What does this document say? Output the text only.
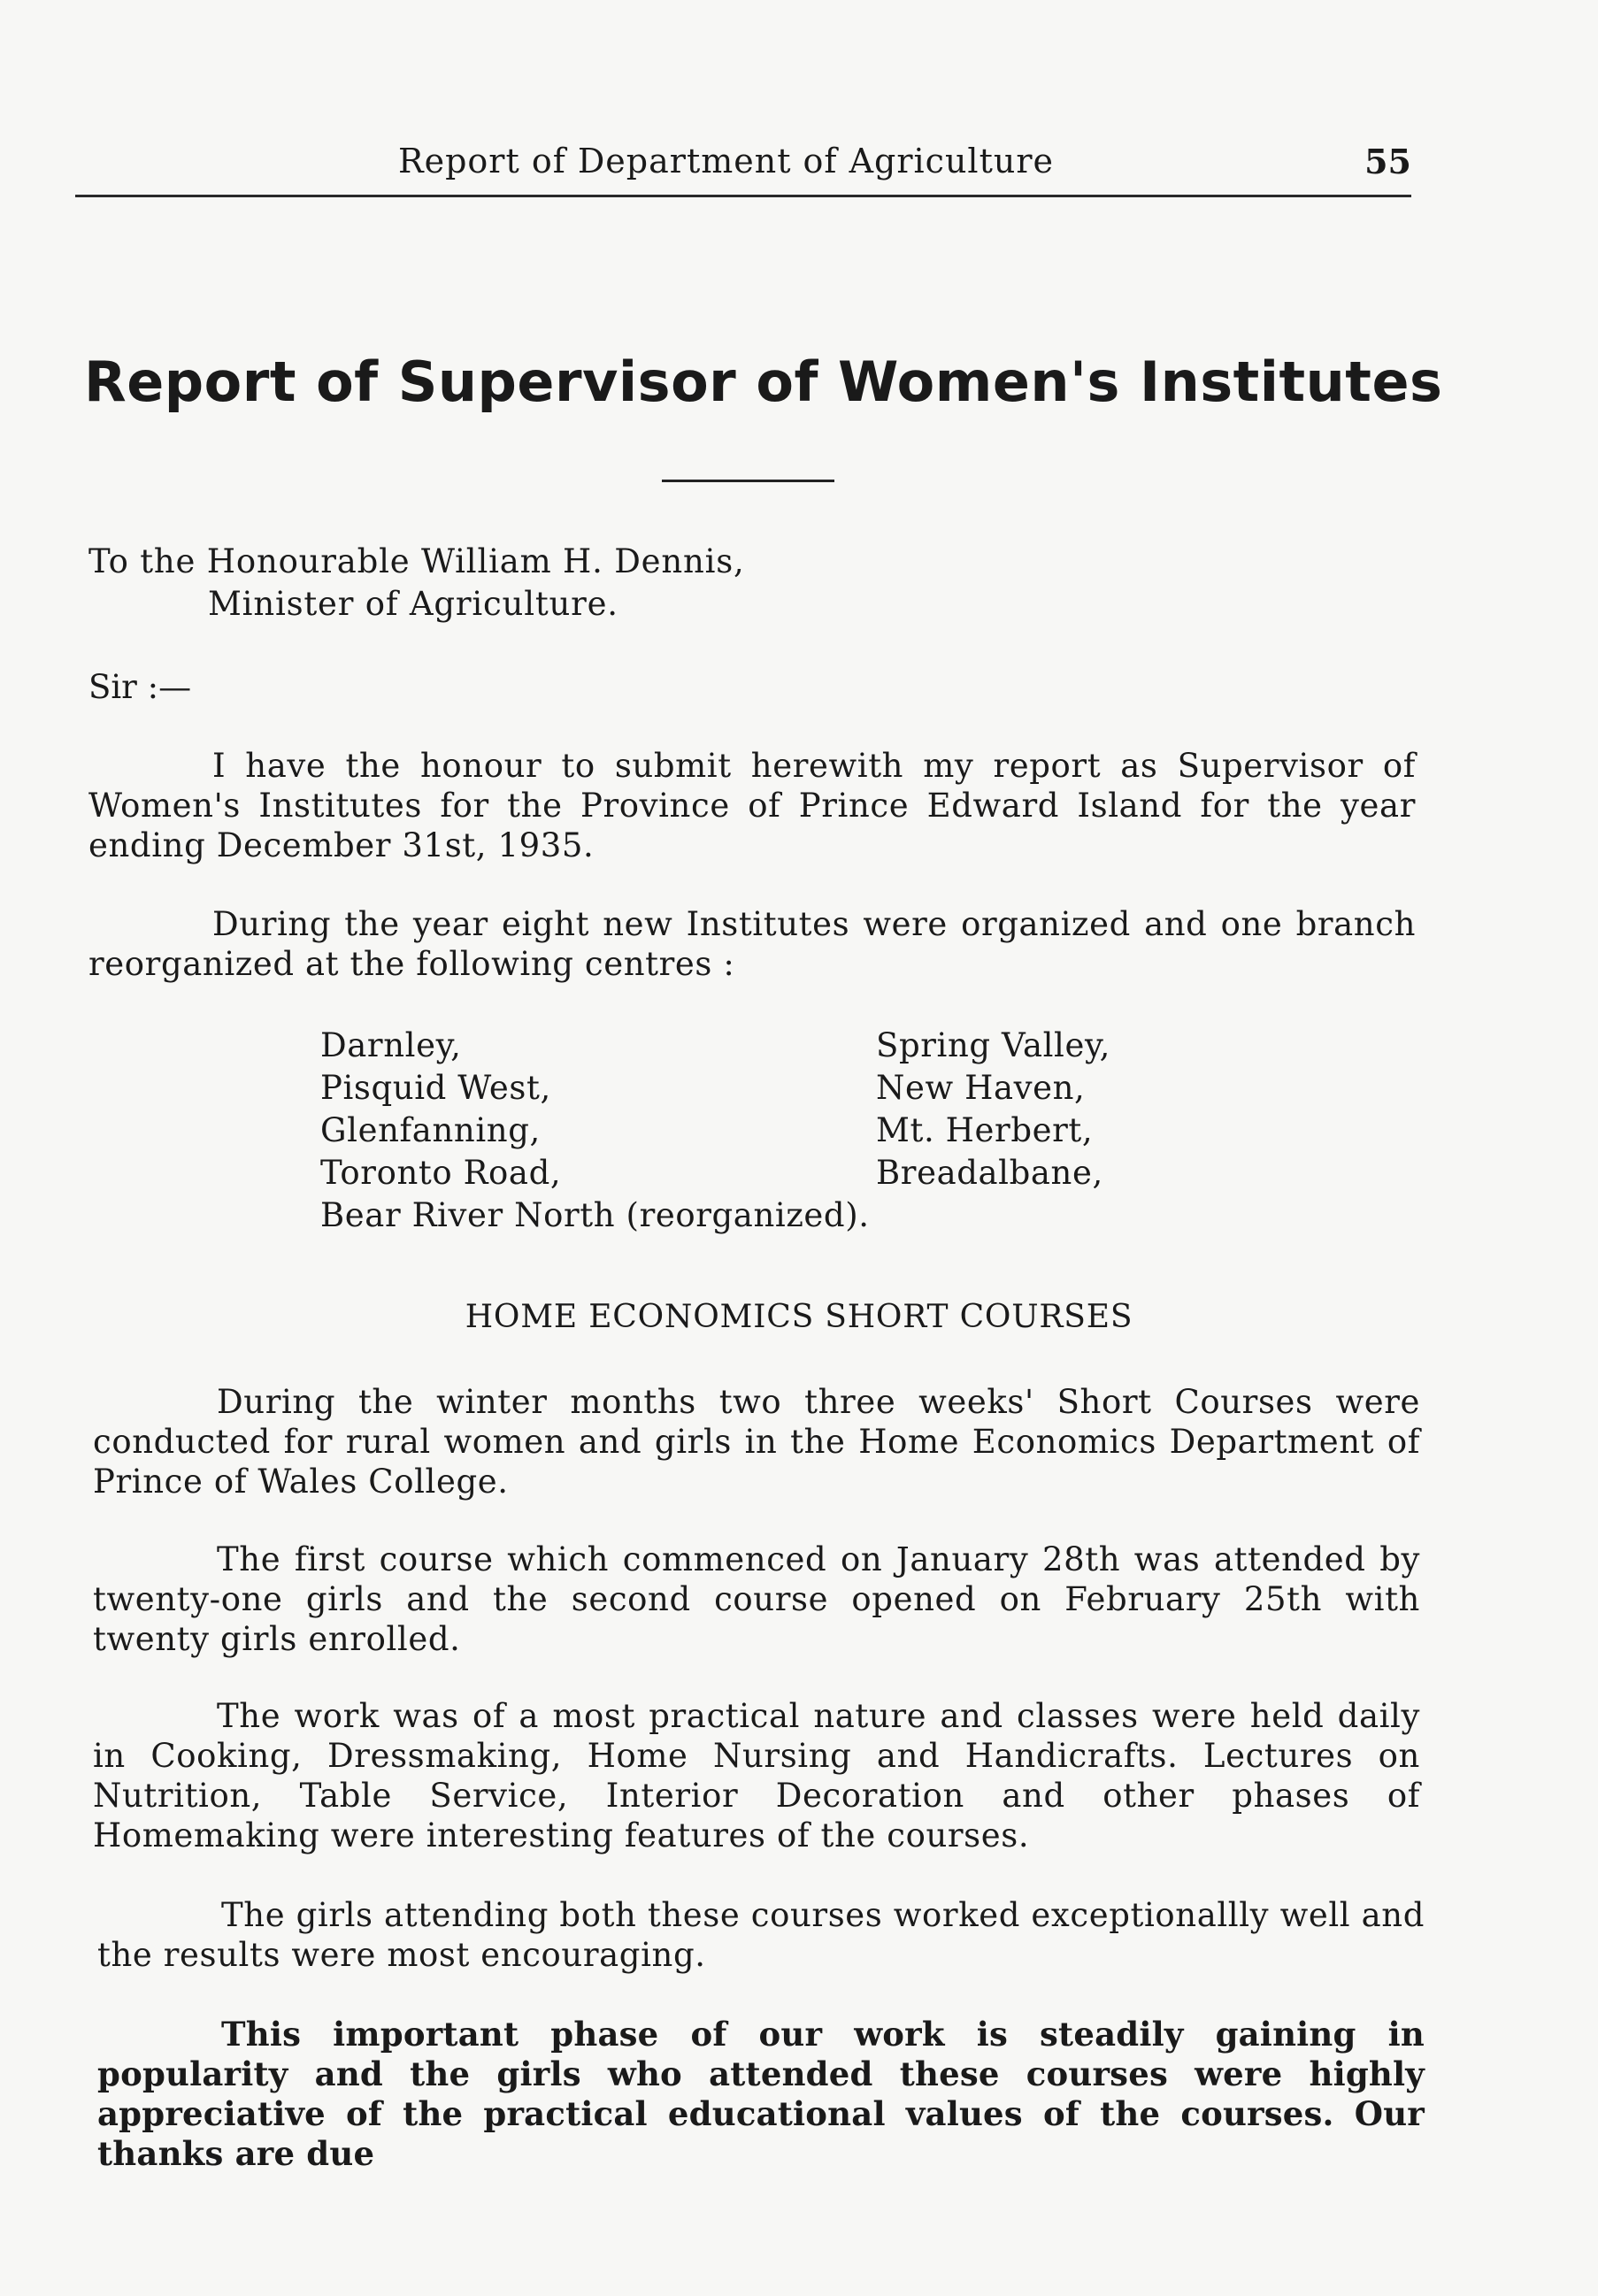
Report of Department of Agriculture	55
Report of Supervisor of Women's Institutes
To the Honourable William H. Dennis,
Minister of Agriculture.
Sir :—
I have the honour to submit herewith my report as Supervisor of Women's Institutes for the Province of Prince Edward Island for the year ending December 31st, 1935.
During the year eight new Institutes were organized and one branch reorganized at the following centres :
Darnley,
Pisquid West,
Glenfanning,
Toronto Road,
Bear River North (reorganized).
Spring Valley,
New Haven,
Mt. Herbert,
Breadalbane,
HOME ECONOMICS SHORT COURSES
During the winter months two three weeks' Short Courses were conducted for rural women and girls in the Home Economics Department of Prince of Wales College.
The first course which commenced on January 28th was attended by twenty-one girls and the second course opened on February 25th with twenty girls enrolled.
The work was of a most practical nature and classes were held daily in Cooking, Dressmaking, Home Nursing and Handicrafts. Lectures on Nutrition, Table Service, Interior Decoration and other phases of Homemaking were interesting features of the courses.
The girls attending both these courses worked exceptionallly well and the results were most encouraging.
This important phase of our work is steadily gaining in popularity and the girls who attended these courses were highly appreciative of the practical educational values of the courses. Our thanks are due
